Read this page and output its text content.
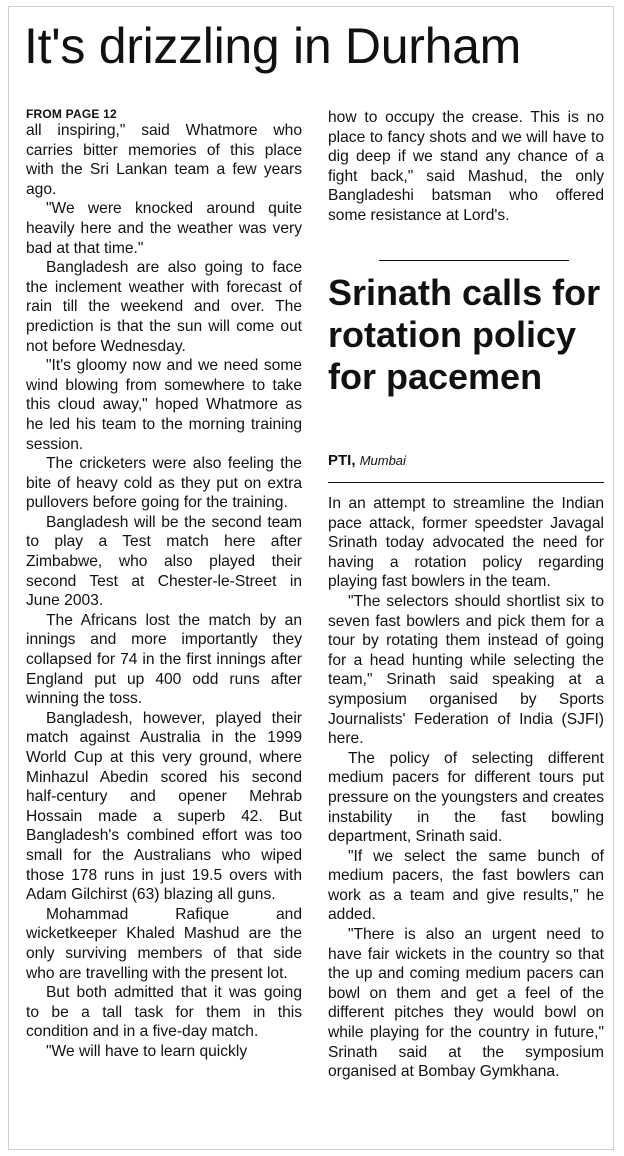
It's drizzling in Durham
FROM PAGE 12

all inspiring," said Whatmore who carries bitter memories of this place with the Sri Lankan team a few years ago.

"We were knocked around quite heavily here and the weather was very bad at that time."

Bangladesh are also going to face the inclement weather with forecast of rain till the weekend and over. The prediction is that the sun will come out not before Wednesday.

"It's gloomy now and we need some wind blowing from somewhere to take this cloud away," hoped Whatmore as he led his team to the morning training session.

The cricketers were also feeling the bite of heavy cold as they put on extra pullovers before going for the training.

Bangladesh will be the second team to play a Test match here after Zimbabwe, who also played their second Test at Chester-le-Street in June 2003.

The Africans lost the match by an innings and more importantly they collapsed for 74 in the first innings after England put up 400 odd runs after winning the toss.

Bangladesh, however, played their match against Australia in the 1999 World Cup at this very ground, where Minhazul Abedin scored his second half-century and opener Mehrab Hossain made a superb 42. But Bangladesh's combined effort was too small for the Australians who wiped those 178 runs in just 19.5 overs with Adam Gilchirst (63) blazing all guns.

Mohammad Rafique and wicketkeeper Khaled Mashud are the only surviving members of that side who are travelling with the present lot.

But both admitted that it was going to be a tall task for them in this condition and in a five-day match.

"We will have to learn quickly

how to occupy the crease. This is no place to fancy shots and we will have to dig deep if we stand any chance of a fight back," said Mashud, the only Bangladeshi batsman who offered some resistance at Lord's.

Srinath calls for rotation policy for pacemen
PTI, Mumbai

In an attempt to streamline the Indian pace attack, former speedster Javagal Srinath today advocated the need for having a rotation policy regarding playing fast bowlers in the team.

"The selectors should shortlist six to seven fast bowlers and pick them for a tour by rotating them instead of going for a head hunting while selecting the team," Srinath said speaking at a symposium organised by Sports Journalists' Federation of India (SJFI) here.

The policy of selecting different medium pacers for different tours put pressure on the youngsters and creates instability in the fast bowling department, Srinath said.

"If we select the same bunch of medium pacers, the fast bowlers can work as a team and give results," he added.

"There is also an urgent need to have fair wickets in the country so that the up and coming medium pacers can bowl on them and get a feel of the different pitches they would bowl on while playing for the country in future," Srinath said at the symposium organised at Bombay Gymkhana.
